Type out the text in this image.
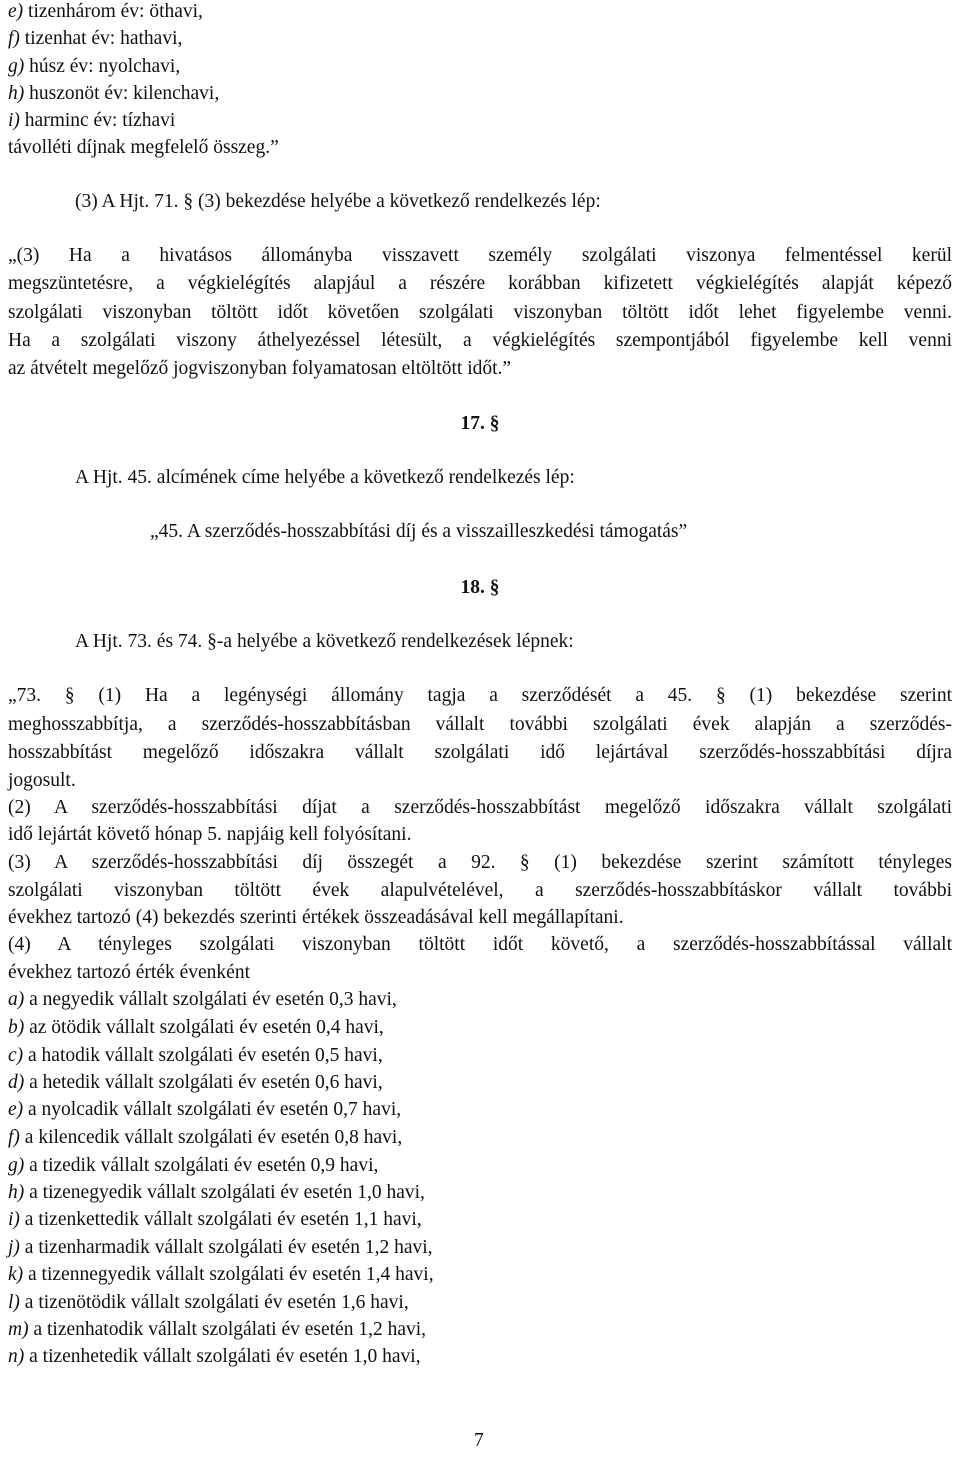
e) tizenhárom év: öthavi,
f) tizenhat év: hathavi,
g) húsz év: nyolchavi,
h) huszonöt év: kilenchavi,
i) harminc év: tízhavi
távolléti díjnak megfelelő összeg.”
(3) A Hjt. 71. § (3) bekezdése helyébe a következő rendelkezés lép:
„(3) Ha a hivatásos állományba visszavett személy szolgálati viszonya felmentéssel kerül
megszüntetésre, a végkielégítés alapjául a részére korábban kifizetett végkielégítés alapját képező
szolgálati viszonyban töltött időt követően szolgálati viszonyban töltött időt lehet figyelembe venni.
Ha a szolgálati viszony áthelyezéssel létesült, a végkielégítés szempontjából figyelembe kell venni
az átvételt megelőző jogviszonyban folyamatosan eltöltött időt.”
17. §
A Hjt. 45. alcímének címe helyébe a következő rendelkezés lép:
„45. A szerződés-hosszabbítási díj és a visszailleszkedési támogatás”
18. §
A Hjt. 73. és 74. §-a helyébe a következő rendelkezések lépnek:
„73. § (1) Ha a legénységi állomány tagja a szerződését a 45. § (1) bekezdése szerint
meghosszabbítja, a szerződés-hosszabbításban vállalt további szolgálati évek alapján a szerződés-
hosszabbítást megelőző időszakra vállalt szolgálati idő lejártával szerződés-hosszabbítási díjra
jogosult.
(2) A szerződés-hosszabbítási díjat a szerződés-hosszabbítást megelőző időszakra vállalt szolgálati
idő lejártát követő hónap 5. napjáig kell folyósítani.
(3) A szerződés-hosszabbítási díj összegét a 92. § (1) bekezdése szerint számított tényleges
szolgálati viszonyban töltött évek alapulvételével, a szerződés-hosszabbításkor vállalt további
évekhez tartozó (4) bekezdés szerinti értékek összeadásával kell megállapítani.
(4) A tényleges szolgálati viszonyban töltött időt követő, a szerződés-hosszabbítással vállalt
évekhez tartozó érték évenként
a) a negyedik vállalt szolgálati év esetén 0,3 havi,
b) az ötödik vállalt szolgálati év esetén 0,4 havi,
c) a hatodik vállalt szolgálati év esetén 0,5 havi,
d) a hetedik vállalt szolgálati év esetén 0,6 havi,
e) a nyolcadik vállalt szolgálati év esetén 0,7 havi,
f) a kilencedik vállalt szolgálati év esetén 0,8 havi,
g) a tizedik vállalt szolgálati év esetén 0,9 havi,
h) a tizenegyedik vállalt szolgálati év esetén 1,0 havi,
i) a tizenkettedik vállalt szolgálati év esetén 1,1 havi,
j) a tizenharmadik vállalt szolgálati év esetén 1,2 havi,
k) a tizennegyedik vállalt szolgálati év esetén 1,4 havi,
l) a tizenötödik vállalt szolgálati év esetén 1,6 havi,
m) a tizenhatodik vállalt szolgálati év esetén 1,2 havi,
n) a tizenhetedik vállalt szolgálati év esetén 1,0 havi,
7
